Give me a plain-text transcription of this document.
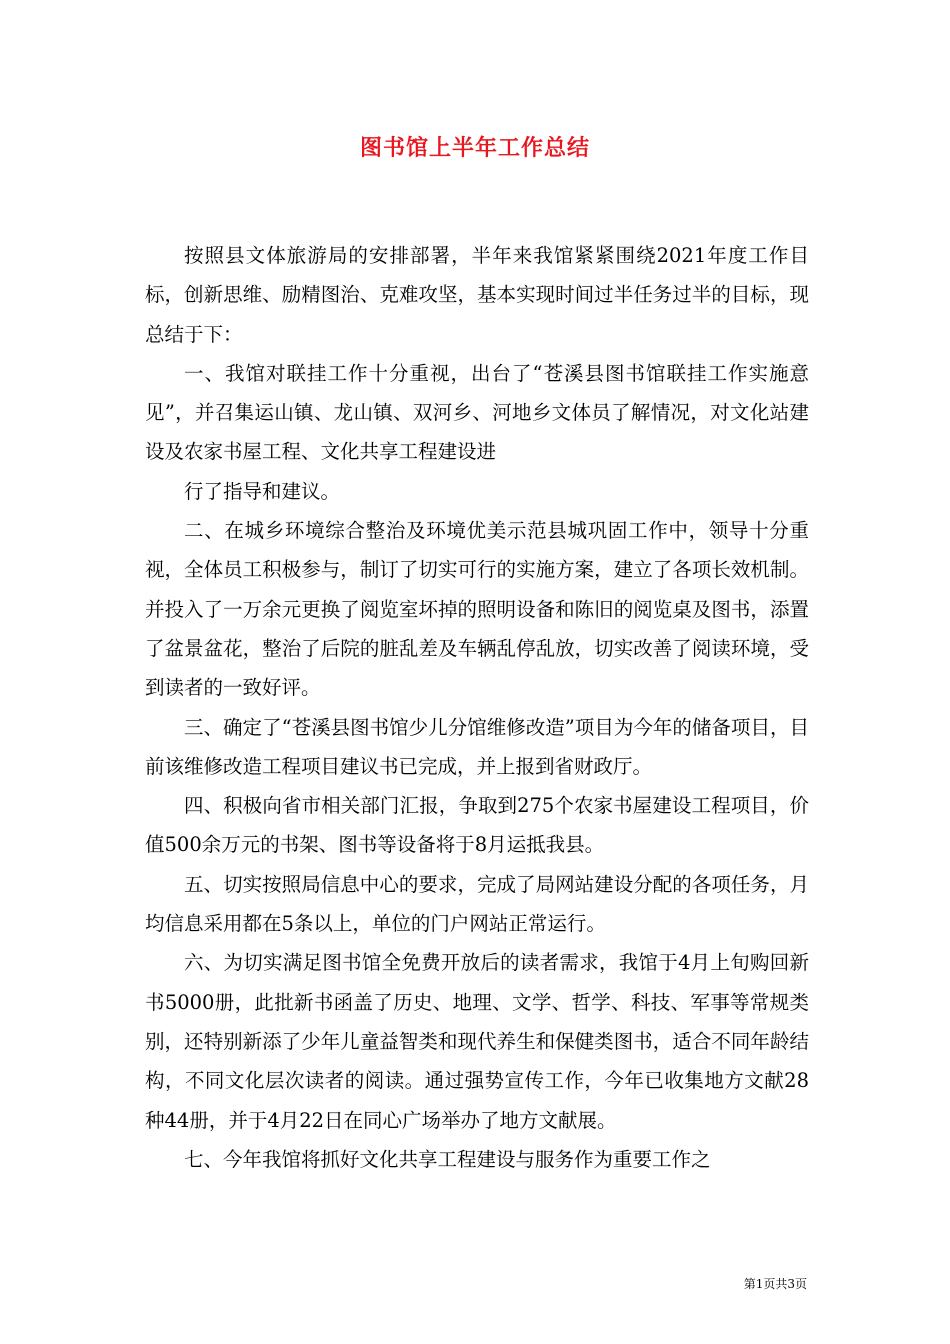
图书馆上半年工作总结

按照县文体旅游局的安排部署，半年来我馆紧紧围绕2021年度工作目标，创新思维、励精图治、克难攻坚，基本实现时间过半任务过半的目标，现总结于下：

一、我馆对联挂工作十分重视，出台了“苍溪县图书馆联挂工作实施意见”，并召集运山镇、龙山镇、双河乡、河地乡文体员了解情况，对文化站建设及农家书屋工程、文化共享工程建设进

行了指导和建议。

二、在城乡环境综合整治及环境优美示范县城巩固工作中，领导十分重视，全体员工积极参与，制订了切实可行的实施方案，建立了各项长效机制。并投入了一万余元更换了阅览室坏掉的照明设备和陈旧的阅览桌及图书，添置了盆景盆花，整治了后院的脏乱差及车辆乱停乱放，切实改善了阅读环境，受到读者的一致好评。

三、确定了“苍溪县图书馆少儿分馆维修改造”项目为今年的储备项目，目前该维修改造工程项目建议书已完成，并上报到省财政厅。

四、积极向省市相关部门汇报，争取到275个农家书屋建设工程项目，价值500余万元的书架、图书等设备将于8月运抵我县。

五、切实按照局信息中心的要求，完成了局网站建设分配的各项任务，月均信息采用都在5条以上，单位的门户网站正常运行。

六、为切实满足图书馆全免费开放后的读者需求，我馆于4月上旬购回新书5000册，此批新书函盖了历史、地理、文学、哲学、科技、军事等常规类别，还特别新添了少年儿童益智类和现代养生和保健类图书，适合不同年龄结构，不同文化层次读者的阅读。通过强势宣传工作，今年已收集地方文献28种44册，并于4月22日在同心广场举办了地方文献展。

七、今年我馆将抓好文化共享工程建设与服务作为重要工作之

第1页共3页
